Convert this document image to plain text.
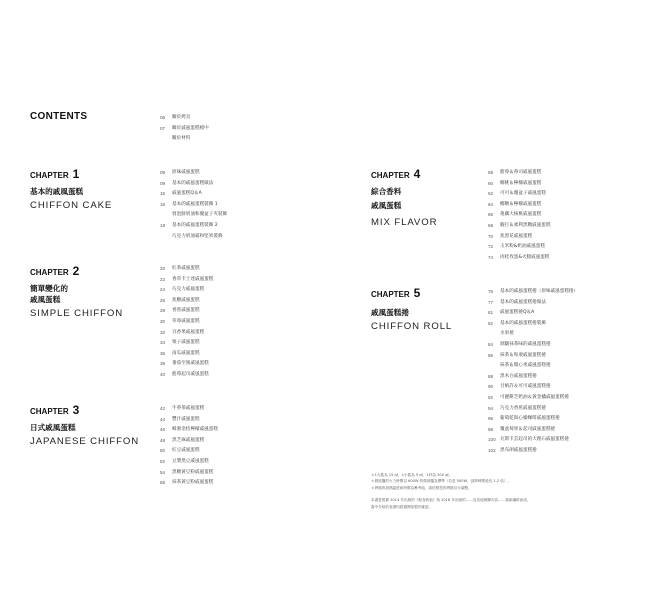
CONTENTS	06	關於烤具
07	關於戚風蛋糕模中
關於材料
CHAPTER 1
基本的戚風蛋糕
CHIFFON CAKE
08	原味戚風蛋糕
09	基本的戚風蛋糕做法
15	戚風蛋糕Q＆A
16	基本的戚風蛋糕裝飾 1
發泡鮮奶油和覆盆子夾裝飾
18	基本的戚風蛋糕裝飾 2
巧克力奶油霜和堅果裝飾
CHAPTER 2
簡單變化的
戚風蛋糕
SIMPLE CHIFFON
20	紅茶戚風蛋糕
22	香草卡士達戚風蛋糕
24	巧克力戚風蛋糕
26	焦糖戚風蛋糕
28	香蕉戚風蛋糕
30	草莓戚風蛋糕
32	百香果戚風蛋糕
34	栗子戚風蛋糕
36	南瓜戚風蛋糕
38	番茄至蜜戚風蛋糕
40	藍莓起司戚風蛋糕
CHAPTER 3
日式戚風蛋糕
JAPANESE CHIFFON
42	牛蒡茶戚風蛋糕
44	豐汁戚風蛋糕
46	蜂蜜金桔檸檬戚風蛋糕
48	黑芝麻戚風蛋糕
50	紅豆戚風蛋糕
52	豆漿黑豆戚風蛋糕
54	黑糖黃豆粉戚風蛋糕
56	抹茶黃豆粉戚風蛋糕
CHAPTER 4
綜合香料
戚風蛋糕
MIX FLAVOR
58	藍莓＆莓司戚風蛋糕
60	椰桃＆檸檬戚風蛋糕
62	可可＆覆盆子戚風蛋糕
64	椰糖＆檸檬戚風蛋糕
66	蓮藕大核桃戚風蛋糕
68	薩打＆柔利黑糖戚風蛋糕
70	焦黑花戚風蛋糕
72	玉米粉&奶油戚風蛋糕
74	肉桂孜蛋&火腿戚風蛋糕
CHAPTER 5
戚風蛋糕捲
CHIFFON ROLL
76	基本的戚風蛋糕捲（原味戚風蛋糕捲）
77	基本的戚風蛋糕捲做法
81	戚風蛋糕捲Q＆A
82	基本的戚風蛋糕捲裝飾
水果捲
84	剝皺抹茶味的戚風蛋糕捲
86	抹茶＆和栗戚風蛋糕捲
抹茶＆開心果戚風蛋糕捲
88	黑木白戚風蛋糕捲
90	甘納許＆可可戚風蛋糕捲
92	可麗餅芝奶油＆黃金橘戚風蛋糕捲
94	巧克力香蕉戚風蛋糕捲
96	葡萄乾與心燥咖啡戚風蛋糕捲
98	覆盆莓果＆起司戚風蛋糕捲
100 瓦斯卡芸起司的大理石戚風蛋糕捲
102 黑布朗戚風蛋糕捲
＊1大匙為 15 ㎖，1小匙為 5 ㎖，1杯為 200 ㎖。
＊微波爐的火力時間以 600W 的微波爐為標準（若是 500W，請將時間延長 1.2 倍）。
＊烤箱的加熱溫度和時間為參考值，請依照您的烤箱自行調整。
本書是根據 2014 年出版的《軽食戚風》與 2016 年出版的……及其他相關內容……重新編排而成，
書中介紹的食譜均經過實際製作確認。
